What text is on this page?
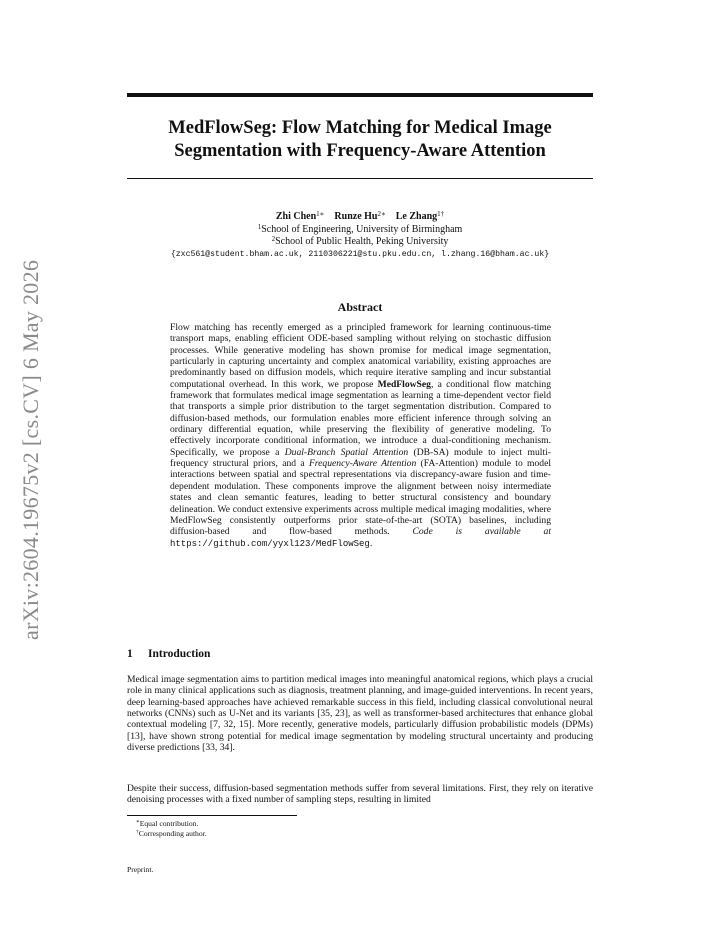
arXiv:2604.19675v2 [cs.CV] 6 May 2026
MedFlowSeg: Flow Matching for Medical Image
Segmentation with Frequency-Aware Attention
Zhi Chen$^{1∗}$ Runze $Hu^{2∗}$ Le Zhang$^{1\dagger}$
$^1$School of Engineering, University of Birmingham
$^2$School of Public Health, Peking University
{zxc561@student.bham.ac.uk, 2110306221@stu.pku.edu.cn, l.zhang.16@bham.ac.uk}
Abstract
Flow matching has recently emerged as a principled framework for learning continuous-time transport maps, enabling efficient ODE-based sampling without relying on stochastic diffusion processes. While generative modeling has shown promise for medical image segmentation, particularly in capturing uncertainty and complex anatomical variability, existing approaches are predominantly based on diffusion models, which require iterative sampling and incur substantial computational overhead. In this work, we propose MedFlowSeg, a conditional flow matching framework that formulates medical image segmentation as learning a time-dependent vector field that transports a simple prior distribution to the target segmentation distribution. Compared to diffusion-based methods, our formulation enables more efficient inference through solving an ordinary differential equation, while preserving the flexibility of generative modeling. To effectively incorporate conditional information, we introduce a dual-conditioning mechanism. Specifically, we propose a Dual-Branch Spatial Attention (DB-SA) module to inject multi-frequency structural priors, and a Frequency-Aware Attention (FA-Attention) module to model interactions between spatial and spectral representations via discrepancy-aware fusion and time-dependent modulation. These components improve the alignment between noisy intermediate states and clean semantic features, leading to better structural consistency and boundary delineation. We conduct extensive experiments across multiple medical imaging modalities, where MedFlowSeg consistently outperforms prior state-of-the-art (SOTA) baselines, including diffusion-based and flow-based methods. Code is available at https://github.com/yyxl123/MedFlowSeg.
1 Introduction
Medical image segmentation aims to partition medical images into meaningful anatomical regions, which plays a crucial role in many clinical applications such as diagnosis, treatment planning, and image-guided interventions. In recent years, deep learning-based approaches have achieved remarkable success in this field, including classical convolutional neural networks (CNNs) such as U-Net and its variants [35, 23], as well as transformer-based architectures that enhance global contextual modeling [7, 32, 15]. More recently, generative models, particularly diffusion probabilistic models (DPMs) [13], have shown strong potential for medical image segmentation by modeling structural uncertainty and producing diverse predictions [33, 34].
Despite their success, diffusion-based segmentation methods suffer from several limitations. First, they rely on iterative denoising processes with a fixed number of sampling steps, resulting in limited
∗Equal contribution.
†Corresponding author.
Preprint.
